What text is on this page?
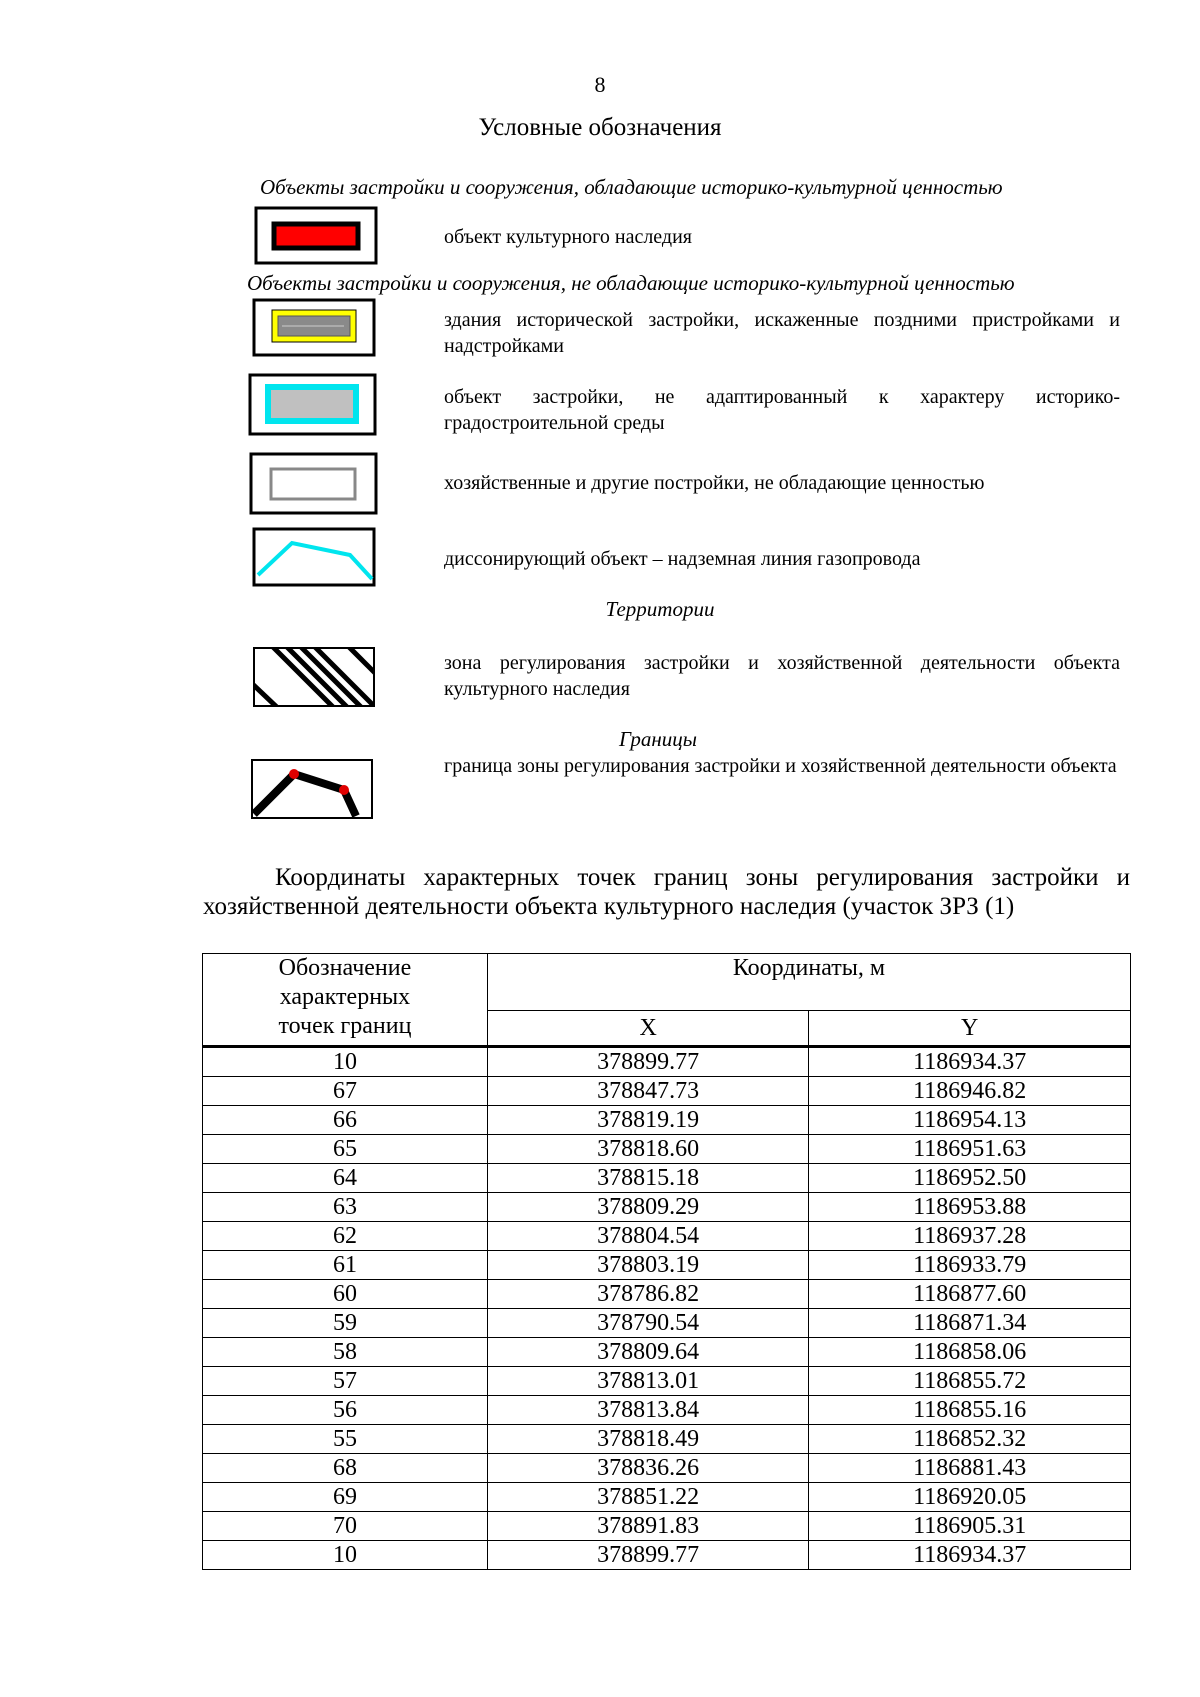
8
Условные обозначения
Объекты застройки и сооружения, обладающие историко-культурной ценностью
объект культурного наследия
Объекты застройки и сооружения, не обладающие историко-культурной ценностью
здания исторической застройки, искаженные поздними пристройками и надстройками
объект застройки, не адаптированный к характеру историко-градостроительной среды
хозяйственные и другие постройки, не обладающие ценностью
диссонирующий объект – надземная линия газопровода
Территории
зона регулирования застройки и хозяйственной деятельности объекта культурного наследия
Границы
граница зоны регулирования застройки и хозяйственной деятельности объекта
Координаты характерных точек границ зоны регулирования застройки и хозяйственной деятельности объекта культурного наследия (участок ЗРЗ (1)
Обозначение характерных точек границ	Координаты, м	
	X	Y
10	378899.77	1186934.37
67	378847.73	1186946.82
66	378819.19	1186954.13
65	378818.60	1186951.63
64	378815.18	1186952.50
63	378809.29	1186953.88
62	378804.54	1186937.28
61	378803.19	1186933.79
60	378786.82	1186877.60
59	378790.54	1186871.34
58	378809.64	1186858.06
57	378813.01	1186855.72
56	378813.84	1186855.16
55	378818.49	1186852.32
68	378836.26	1186881.43
69	378851.22	1186920.05
70	378891.83	1186905.31
10	378899.77	1186934.37
